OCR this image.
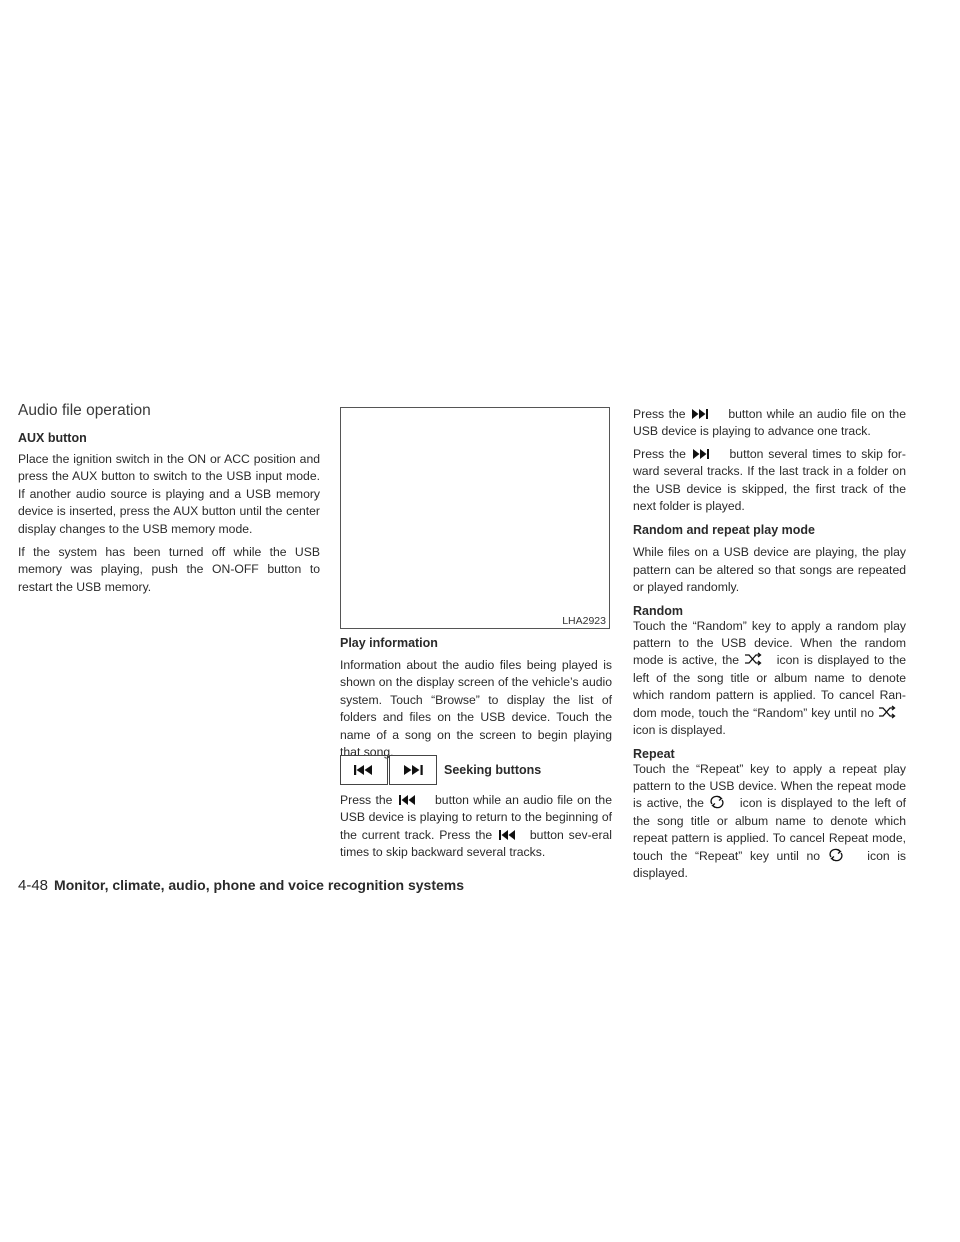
Audio file operation
AUX button

Place the ignition switch in the ON or ACC position and press the AUX button to switch to the USB input mode. If another audio source is playing and a USB memory device is inserted, press the AUX button until the center display changes to the USB memory mode.

If the system has been turned off while the USB memory was playing, push the ON-OFF button to restart the USB memory.

LHA2923
Play information

Information about the audio files being played is shown on the display screen of the vehicle’s audio system. Touch “Browse” to display the list of folders and files on the USB device. Touch the name of a song on the screen to begin playing that song.

Seeking buttons

Press the	button while an audio file on the USB device is playing to return to the beginning of the current track. Press the	button sev-eral times to skip backward several tracks.

Press the	button while an audio file on the USB device is playing to advance one track.

Press the	button several times to skip for-ward several tracks. If the last track in a folder on the USB device is skipped, the first track of the next folder is played.

Random and repeat play mode

While files on a USB device are playing, the play pattern can be altered so that songs are repeated or played randomly.

Random

Touch the “Random” key to apply a random play pattern to the USB device. When the random mode is active, the	icon is displayed to the left of the song title or album name to denote which random pattern is applied. To cancel Ran-dom mode, touch the “Random” key until no
icon is displayed.

Repeat

Touch the “Repeat” key to apply a repeat play pattern to the USB device. When the repeat mode is active, the	icon is displayed to the left of the song title or album name to denote which repeat pattern is applied. To cancel Repeat mode, touch the “Repeat” key until no	icon is displayed.

4-48 Monitor, climate, audio, phone and voice recognition systems
